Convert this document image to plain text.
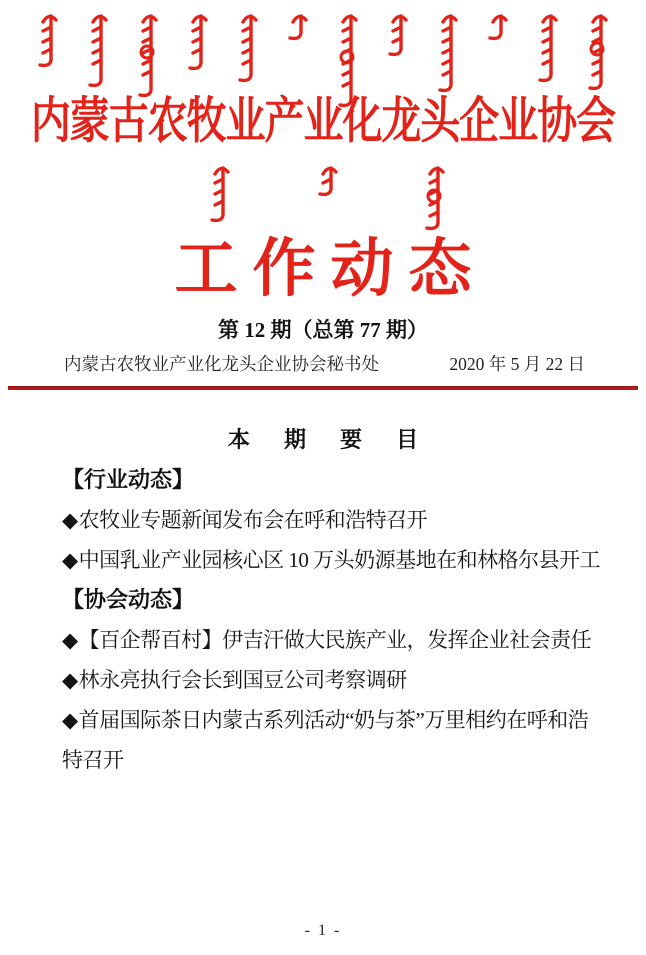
内蒙古农牧业产业化龙头企业协会
工作动态
第 12 期（总第 77 期）
内蒙古农牧业产业化龙头企业协会秘书处	2020 年 5 月 22 日
本 期 要 目
【行业动态】
◆农牧业专题新闻发布会在呼和浩特召开
◆中国乳业产业园核心区 10 万头奶源基地在和林格尔县开工
【协会动态】
◆【百企帮百村】伊吉汗做大民族产业，发挥企业社会责任
◆林永亮执行会长到国豆公司考察调研
◆首届国际茶日内蒙古系列活动“奶与茶”万里相约在呼和浩特召开
- 1 -
